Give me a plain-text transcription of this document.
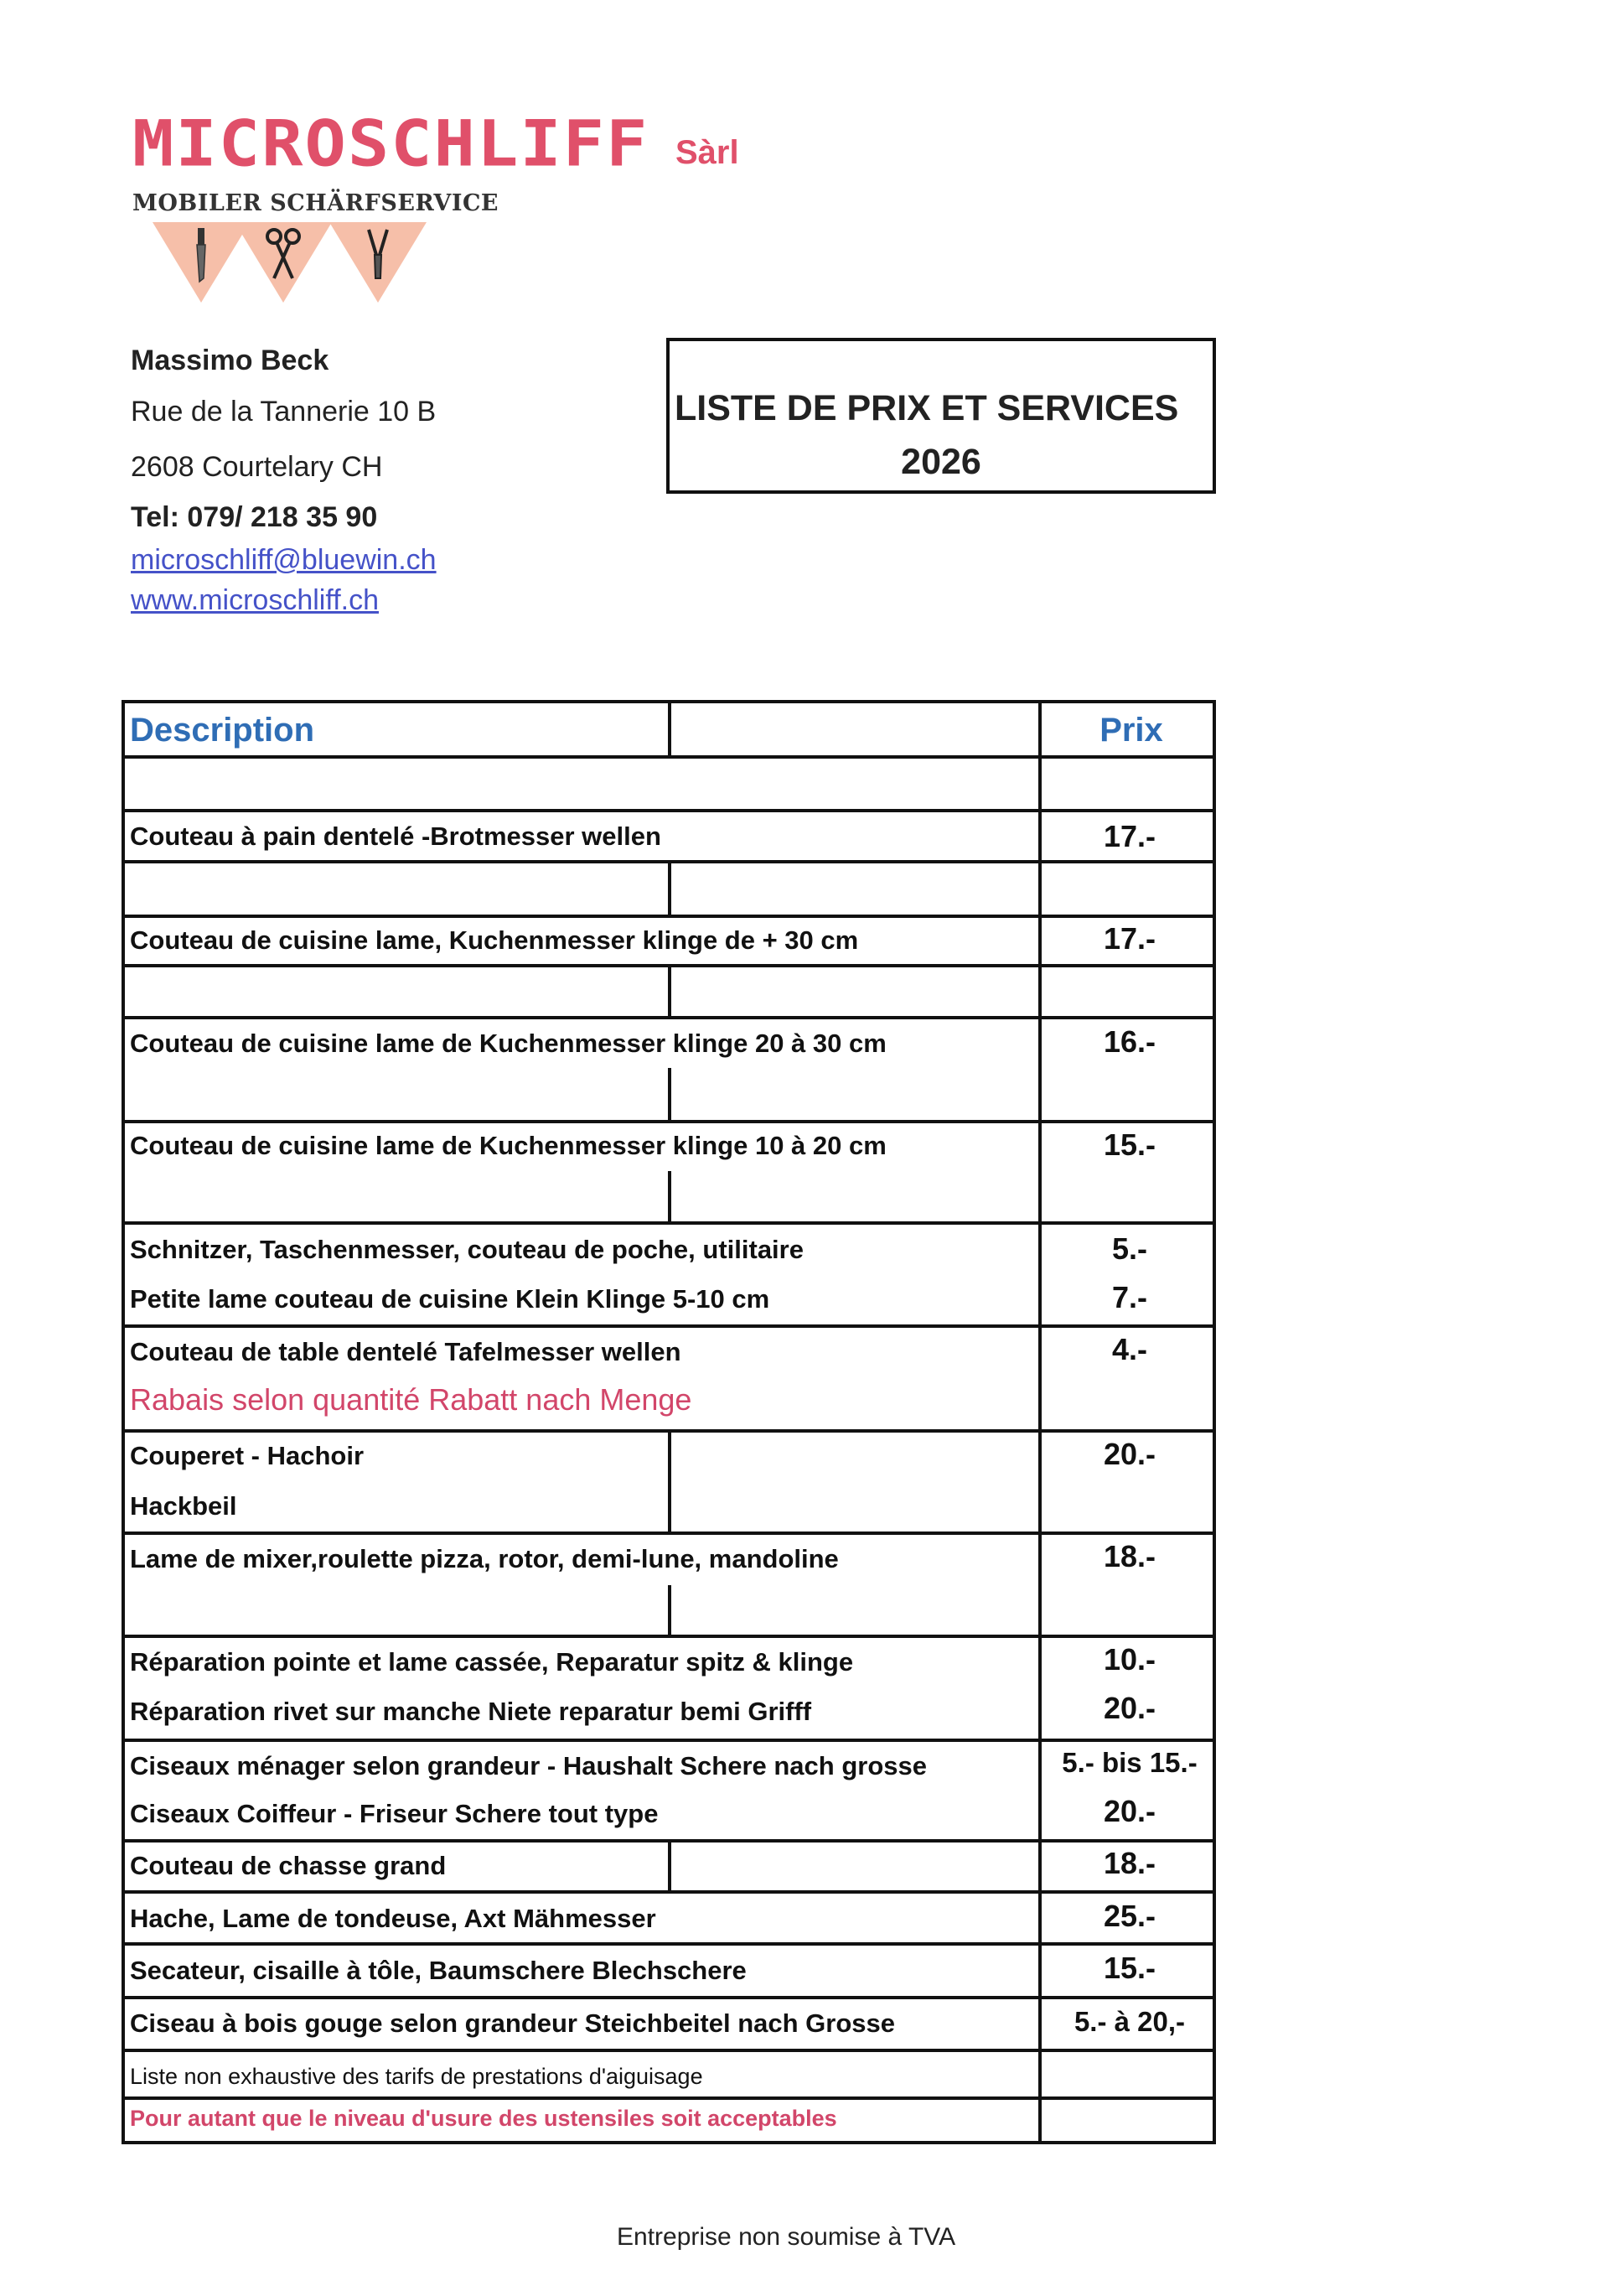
MICROSCHLIFF Sàrl
MOBILER SCHÄRFSERVICE
Massimo Beck
Rue de la Tannerie 10 B
2608 Courtelary CH
Tel: 079/ 218 35 90
microschliff@bluewin.ch
www.microschliff.ch
LISTE DE PRIX ET SERVICES
2026
Description	Prix
Couteau à pain dentelé -Brotmesser wellen
Couteau de cuisine lame, Kuchenmesser klinge de + 30 cm
Couteau de cuisine lame de Kuchenmesser klinge 20 à 30 cm
Couteau de cuisine lame de Kuchenmesser klinge 10 à 20 cm
Schnitzer, Taschenmesser, couteau de poche, utilitaire
Petite lame couteau de cuisine Klein Klinge 5-10 cm
Couteau de table dentelé Tafelmesser wellen
Rabais selon quantité Rabatt nach Menge
Couperet - Hachoir
Hackbeil
Lame de mixer,roulette pizza, rotor, demi-lune, mandoline
Réparation pointe et lame cassée, Reparatur spitz & klinge
Réparation rivet sur manche Niete reparatur bemi Grifff
Ciseaux ménager selon grandeur - Haushalt Schere nach grosse
Ciseaux Coiffeur - Friseur Schere tout type
Couteau de chasse grand
Hache, Lame de tondeuse, Axt Mähmesser
Secateur, cisaille à tôle, Baumschere Blechschere
Ciseau à bois gouge selon grandeur Steichbeitel nach Grosse
17.-
17.-
16.-
15.-
5.-
7.-
4.-
20.-
18.-
10.-
20.-
5.- bis 15.-
20.-
18.-
25.-
15.-
5.- à 20,-
Liste non exhaustive des tarifs de prestations d'aiguisage
Pour autant que le niveau d'usure des ustensiles soit acceptables
Entreprise non soumise à TVA
